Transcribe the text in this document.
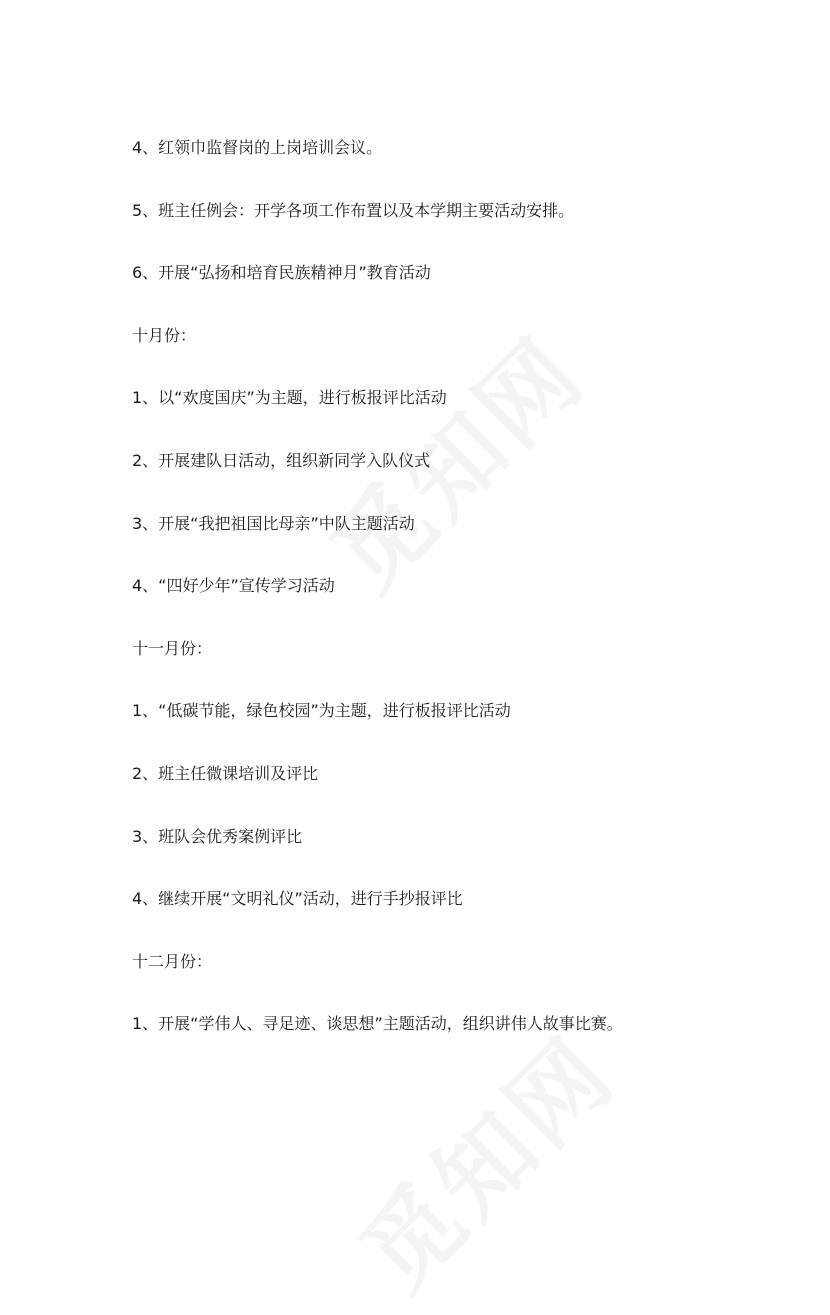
4、红领巾监督岗的上岗培训会议。
5、班主任例会：开学各项工作布置以及本学期主要活动安排。
6、开展“弘扬和培育民族精神月”教育活动
十月份：
1、以“欢度国庆”为主题，进行板报评比活动
2、开展建队日活动，组织新同学入队仪式
3、开展“我把祖国比母亲”中队主题活动
4、“四好少年”宣传学习活动
十一月份：
1、“低碳节能，绿色校园”为主题，进行板报评比活动
2、班主任微课培训及评比
3、班队会优秀案例评比
4、继续开展“文明礼仪”活动，进行手抄报评比
十二月份：
1、开展“学伟人、寻足迹、谈思想”主题活动，组织讲伟人故事比赛。
